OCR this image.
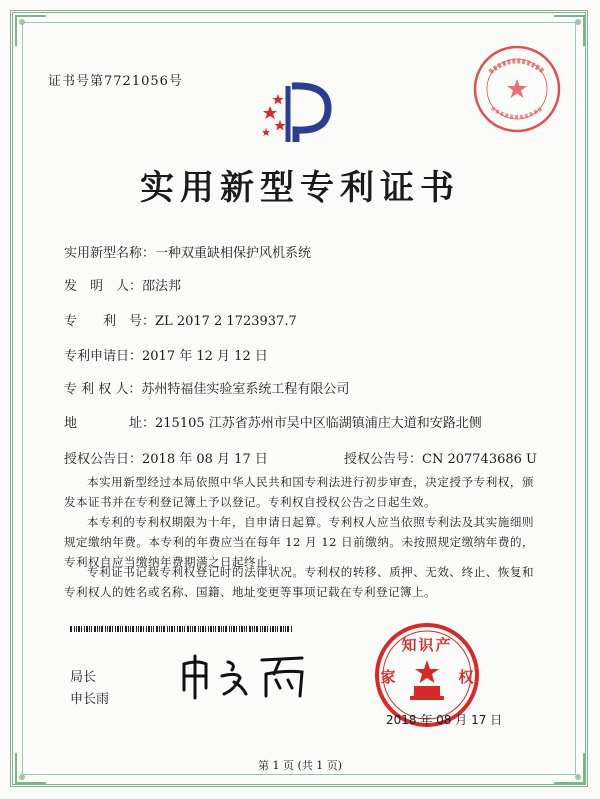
证书号第7721056号
实用新型专利证书
实用新型名称：一种双重缺相保护风机系统
发　明　人：邵法邦
专　　利　号：ZL 2017 2 1723937.7
专利申请日：2017 年 12 月 12 日
专 利 权 人：苏州特福佳实验室系统工程有限公司
地　　　　址：215105 江苏省苏州市吴中区临湖镇浦庄大道和安路北侧
授权公告日：2018 年 08 月 17 日	授权公告号：CN 207743686 U
本实用新型经过本局依照中华人民共和国专利法进行初步审查，决定授予专利权，颁发本证书并在专利登记簿上予以登记。专利权自授权公告之日起生效。
本专利的专利权期限为十年，自申请日起算。专利权人应当依照专利法及其实施细则规定缴纳年费。本专利的年费应当在每年 12 月 12 日前缴纳。未按照规定缴纳年费的，专利权自应当缴纳年费期满之日起终止。
专利证书记载专利权登记时的法律状况。专利权的转移、质押、无效、终止、恢复和专利权人的姓名或名称、国籍、地址变更等事项记载在专利登记簿上。
局长
申长雨
知识产
家	权
2018 年 08 月 17 日
第 1 页 (共 1 页)
